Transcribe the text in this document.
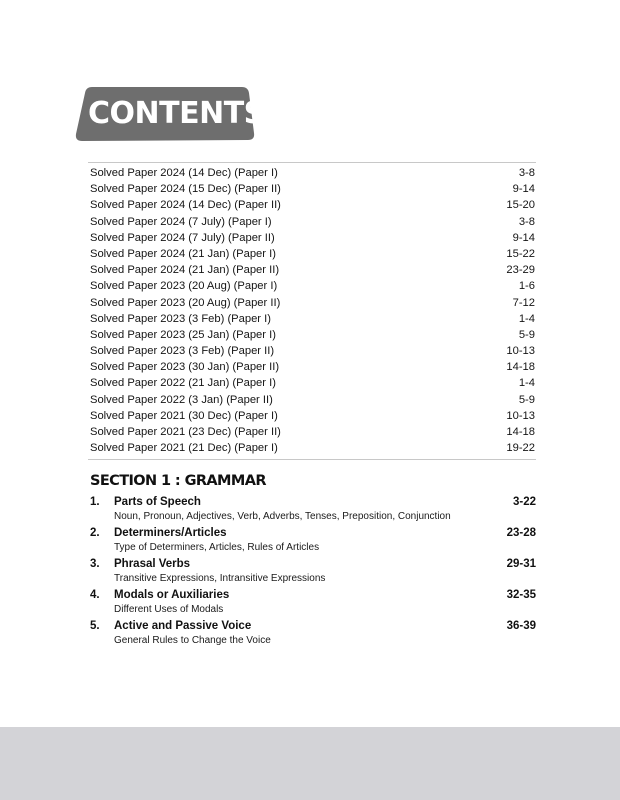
CONTENTS
Solved Paper 2024 (14 Dec) (Paper I)	3-8
Solved Paper 2024 (15 Dec) (Paper II)	9-14
Solved Paper 2024 (14 Dec) (Paper II)	15-20
Solved Paper 2024 (7 July) (Paper I)	3-8
Solved Paper 2024 (7 July) (Paper II)	9-14
Solved Paper 2024 (21 Jan) (Paper I)	15-22
Solved Paper 2024 (21 Jan) (Paper II)	23-29
Solved Paper 2023 (20 Aug) (Paper I)	1-6
Solved Paper 2023 (20 Aug) (Paper II)	7-12
Solved Paper 2023 (3 Feb) (Paper I)	1-4
Solved Paper 2023 (25 Jan) (Paper I)	5-9
Solved Paper 2023 (3 Feb) (Paper II)	10-13
Solved Paper 2023 (30 Jan) (Paper II)	14-18
Solved Paper 2022 (21 Jan) (Paper I)	1-4
Solved Paper 2022 (3 Jan) (Paper II)	5-9
Solved Paper 2021 (30 Dec) (Paper I)	10-13
Solved Paper 2021 (23 Dec) (Paper II)	14-18
Solved Paper 2021 (21 Dec) (Paper I)	19-22
SECTION 1 : GRAMMAR
1.	Parts of Speech	3-22
Noun, Pronoun, Adjectives, Verb, Adverbs, Tenses, Preposition, Conjunction
2.	Determiners/Articles	23-28
Type of Determiners, Articles, Rules of Articles
3.	Phrasal Verbs	29-31
Transitive Expressions, Intransitive Expressions
4.	Modals or Auxiliaries	32-35
Different Uses of Modals
5.	Active and Passive Voice	36-39
General Rules to Change the Voice
